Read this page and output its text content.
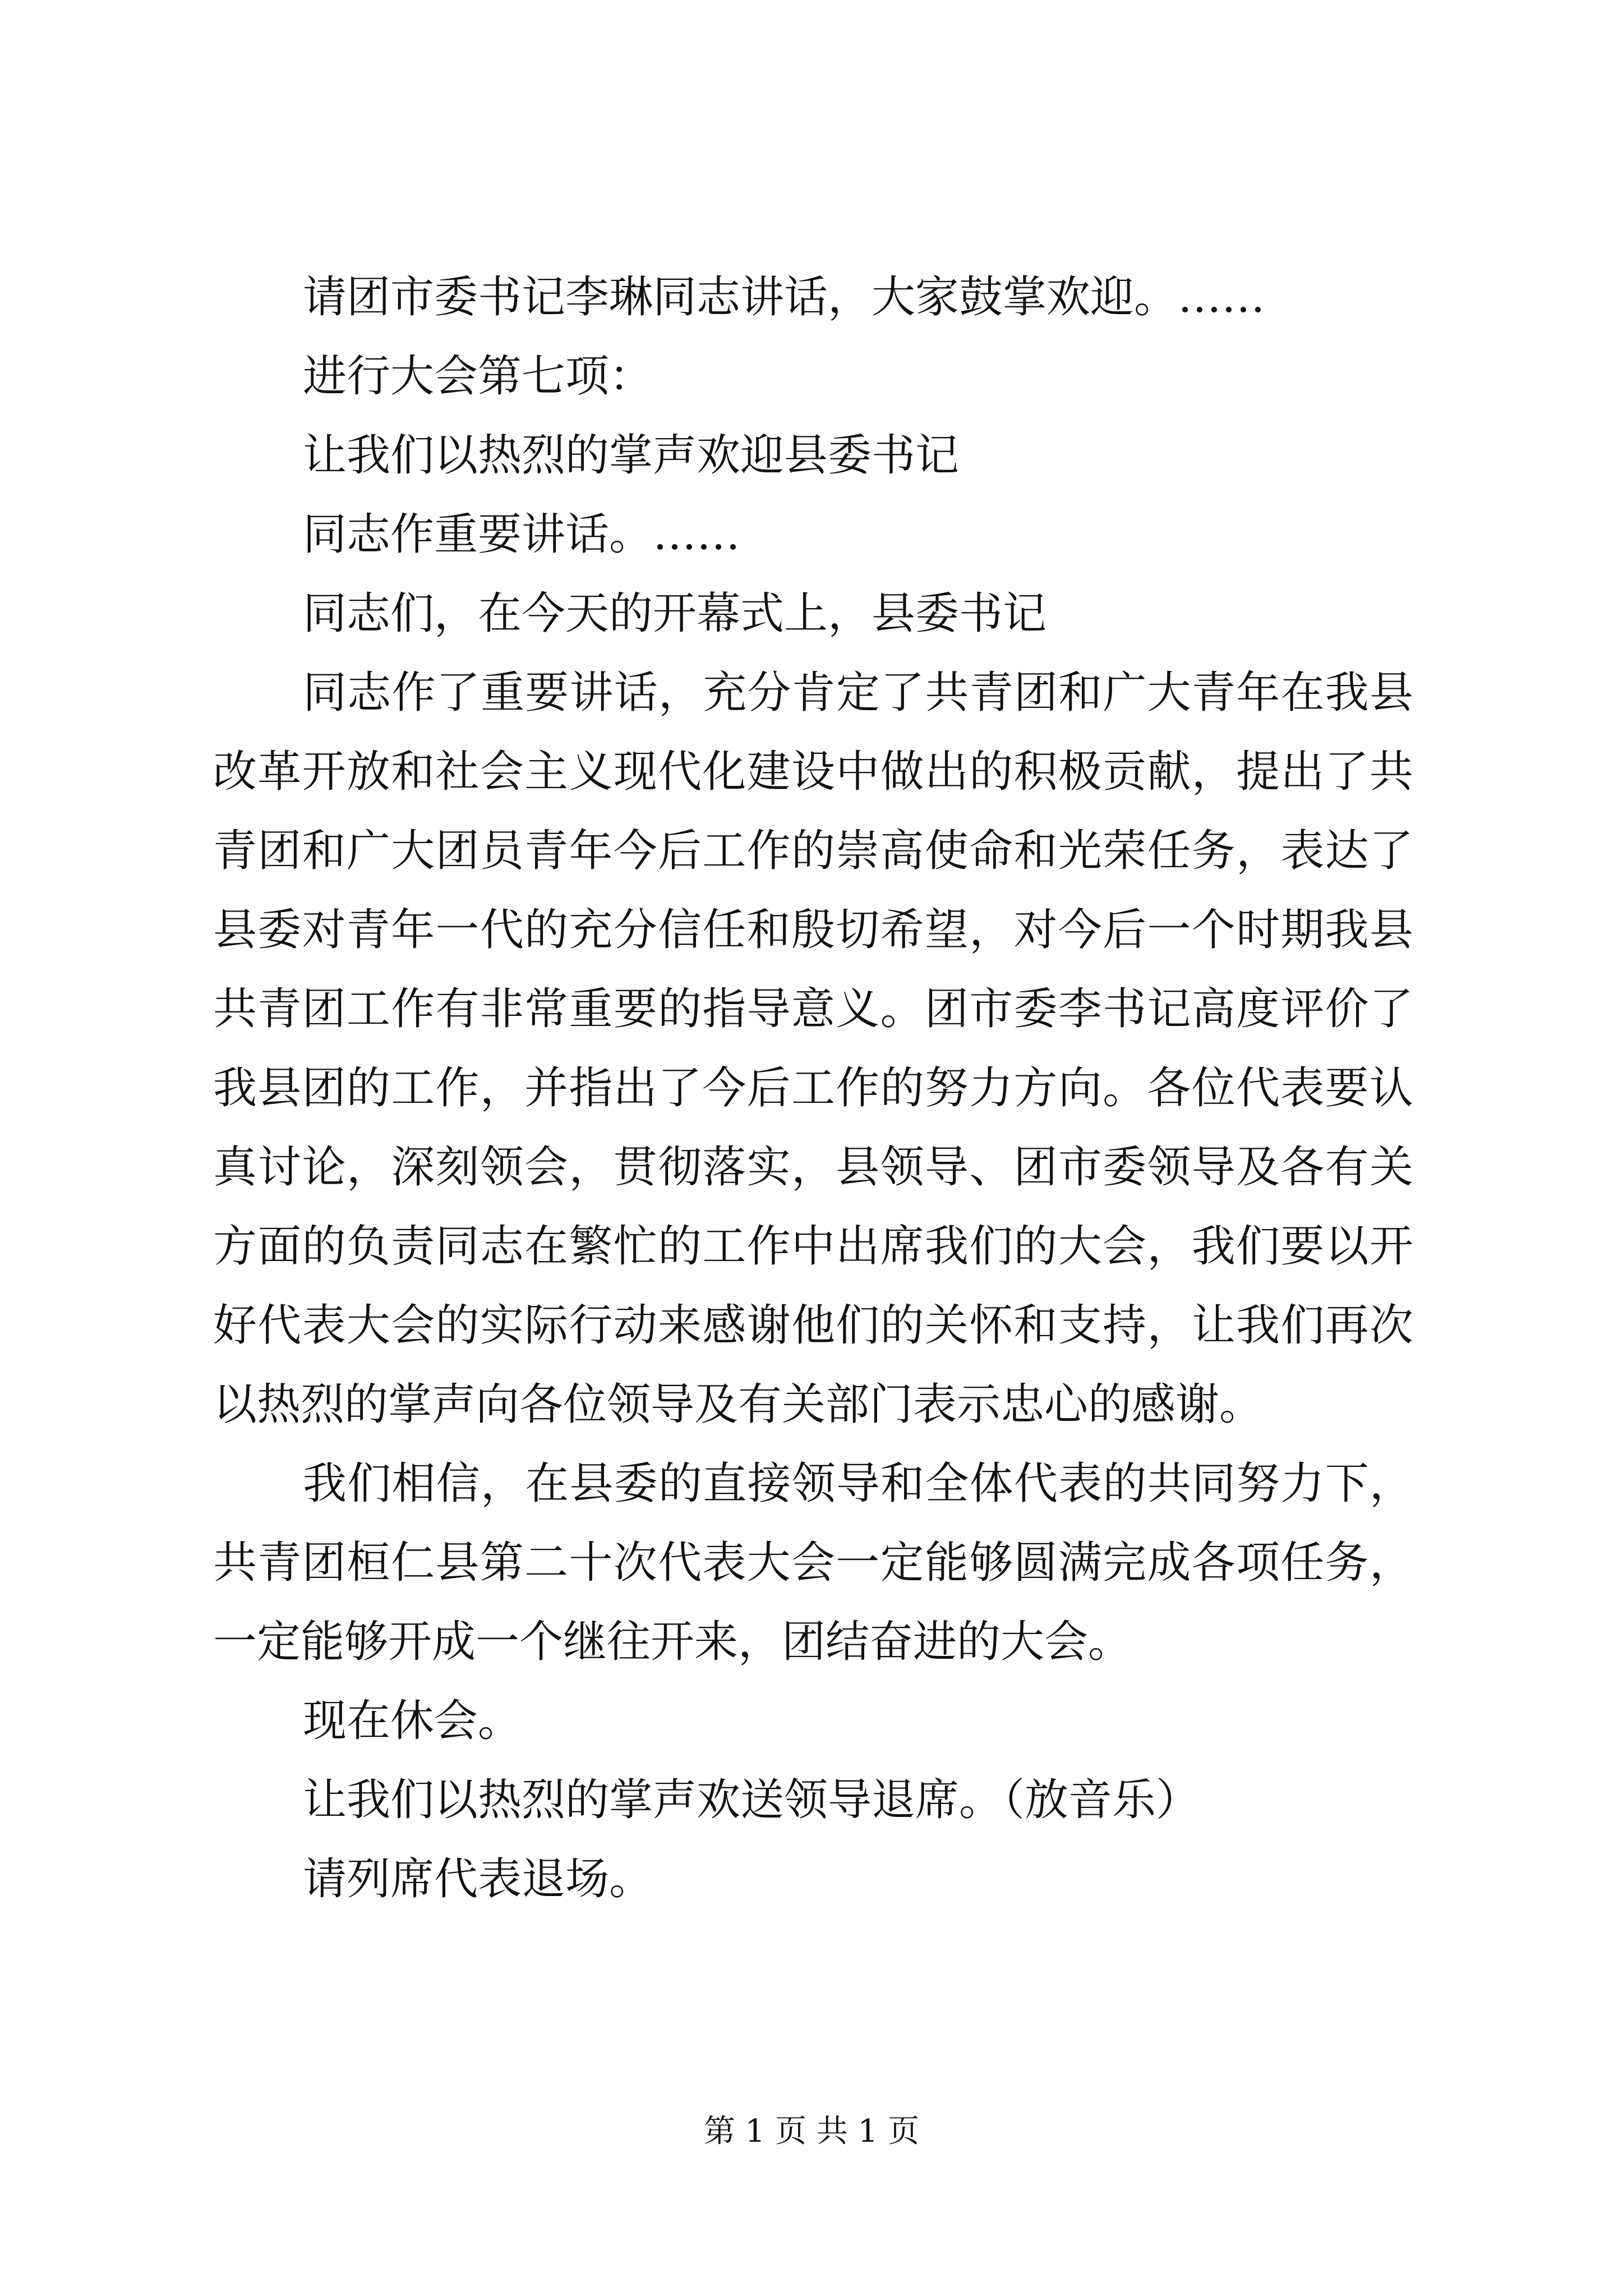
请团市委书记李琳同志讲话，大家鼓掌欢迎。……
进行大会第七项：
让我们以热烈的掌声欢迎县委书记
同志作重要讲话。……
同志们，在今天的开幕式上，县委书记
同志作了重要讲话，充分肯定了共青团和广大青年在我县改革开放和社会主义现代化建设中做出的积极贡献，提出了共青团和广大团员青年今后工作的崇高使命和光荣任务，表达了县委对青年一代的充分信任和殷切希望，对今后一个时期我县共青团工作有非常重要的指导意义。团市委李书记高度评价了我县团的工作，并指出了今后工作的努力方向。各位代表要认真讨论，深刻领会，贯彻落实，县领导、团市委领导及各有关方面的负责同志在繁忙的工作中出席我们的大会，我们要以开好代表大会的实际行动来感谢他们的关怀和支持，让我们再次以热烈的掌声向各位领导及有关部门表示忠心的感谢。
我们相信，在县委的直接领导和全体代表的共同努力下，共青团桓仁县第二十次代表大会一定能够圆满完成各项任务，一定能够开成一个继往开来，团结奋进的大会。
现在休会。
让我们以热烈的掌声欢送领导退席。（放音乐）
请列席代表退场。
第 1 页 共 1 页
